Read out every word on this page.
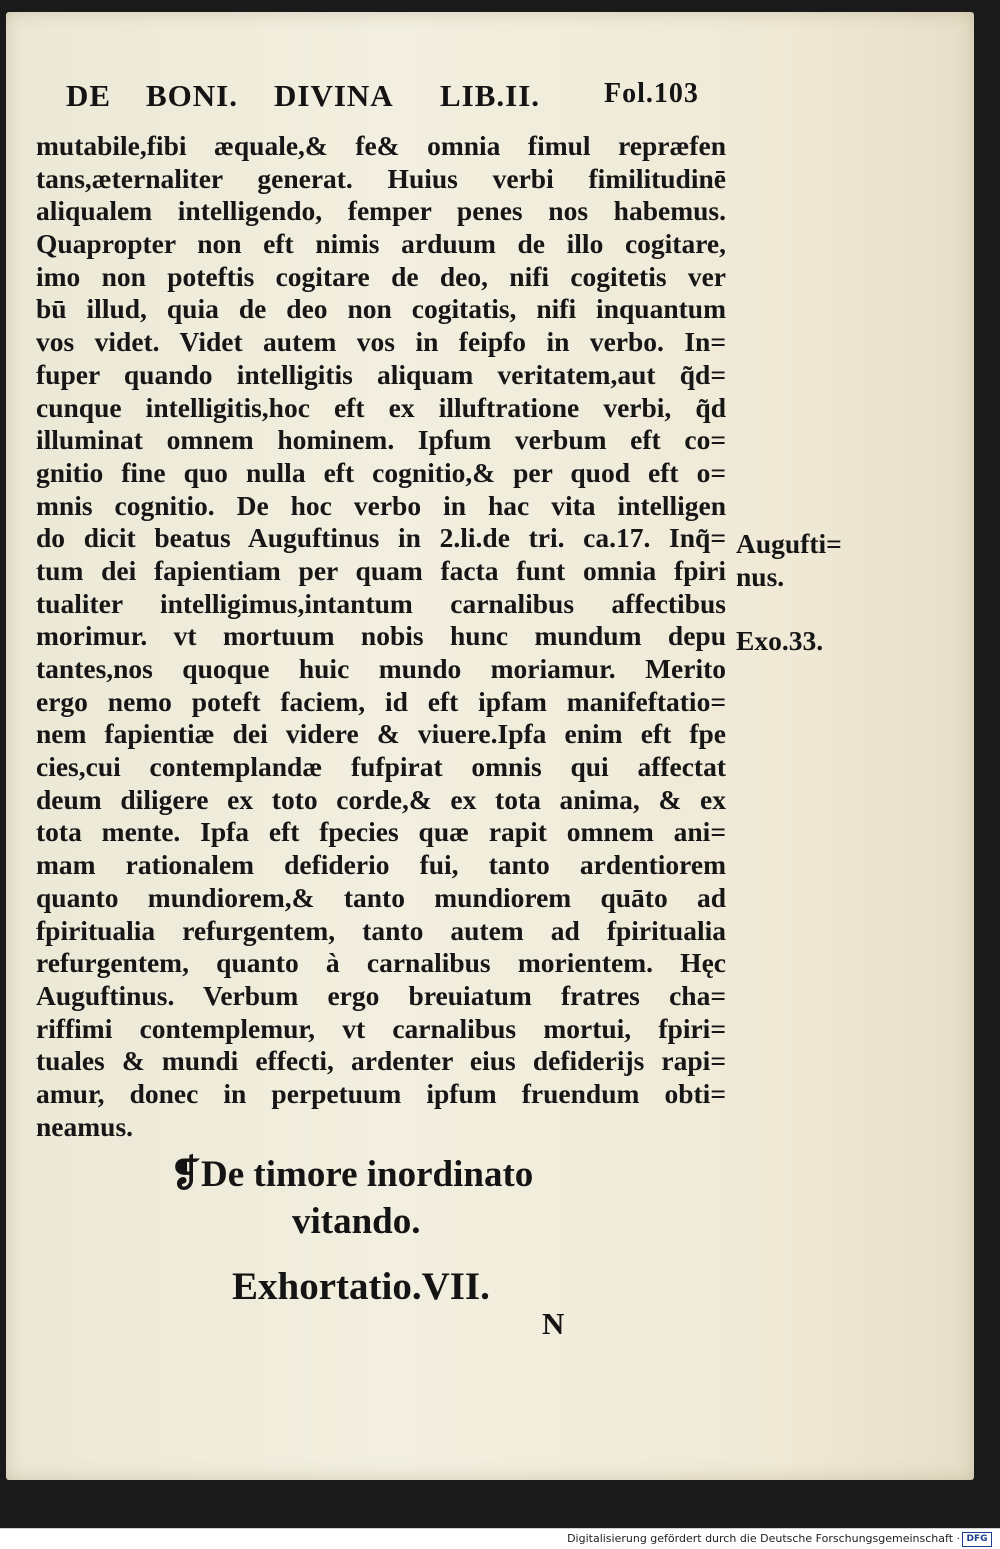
DE BONI. DIVINA LIB.II. Fol.103
mutabile,fibi æquale,& fe& omnia fimul repræfen
tans,æternaliter generat. Huius verbi fimilitudinē
aliqualem intelligendo, femper penes nos habemus.
Quapropter non eft nimis arduum de illo cogitare,
imo non poteftis cogitare de deo, nifi cogitetis ver
bū illud, quia de deo non cogitatis, nifi inquantum
vos videt. Videt autem vos in feipfo in verbo. In=
fuper quando intelligitis aliquam veritatem,aut q̃d=
cunque intelligitis,hoc eft ex illuftratione verbi, q̃d
illuminat omnem hominem. Ipfum verbum eft co=
gnitio fine quo nulla eft cognitio,& per quod eft o=
mnis cognitio. De hoc verbo in hac vita intelligen
do dicit beatus Auguftinus in 2.li.de tri. ca.17. Inq̃=
tum dei fapientiam per quam facta funt omnia fpiri
tualiter intelligimus,intantum carnalibus affectibus
morimur. vt mortuum nobis hunc mundum depu
tantes,nos quoque huic mundo moriamur. Merito
ergo nemo poteft faciem, id eft ipfam manifeftatio=
nem fapientiæ dei videre & viuere.Ipfa enim eft fpe
cies,cui contemplandæ fufpirat omnis qui affectat
deum diligere ex toto corde,& ex tota anima, & ex
tota mente. Ipfa eft fpecies quæ rapit omnem ani=
mam rationalem defiderio fui, tanto ardentiorem
quanto mundiorem,& tanto mundiorem quāto ad
fpiritualia refurgentem, tanto autem ad fpiritualia
refurgentem, quanto à carnalibus morientem. Hęc
Auguftinus. Verbum ergo breuiatum fratres cha=
riffimi contemplemur, vt carnalibus mortui, fpiri=
tuales & mundi effecti, ardenter eius defiderijs rapi=
amur, donec in perpetuum ipfum fruendum obti=
neamus.
Augufti=
nus.
Exo.33.
❡De timore inordinato
vitando.
Exhortatio.VII.
N
Digitalisierung gefördert durch die Deutsche Forschungsgemeinschaft · DFG
